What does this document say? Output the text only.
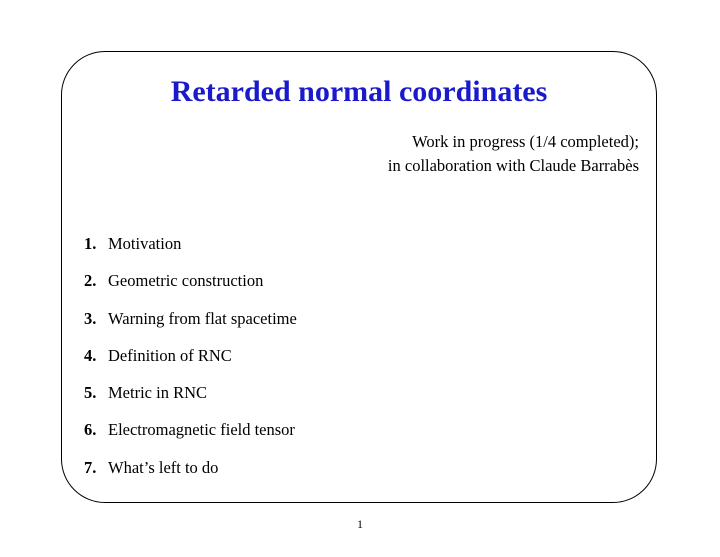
Retarded normal coordinates
Work in progress (1/4 completed);
in collaboration with Claude Barrabès
1. Motivation
2. Geometric construction
3. Warning from flat spacetime
4. Definition of RNC
5. Metric in RNC
6. Electromagnetic field tensor
7. What’s left to do
1
